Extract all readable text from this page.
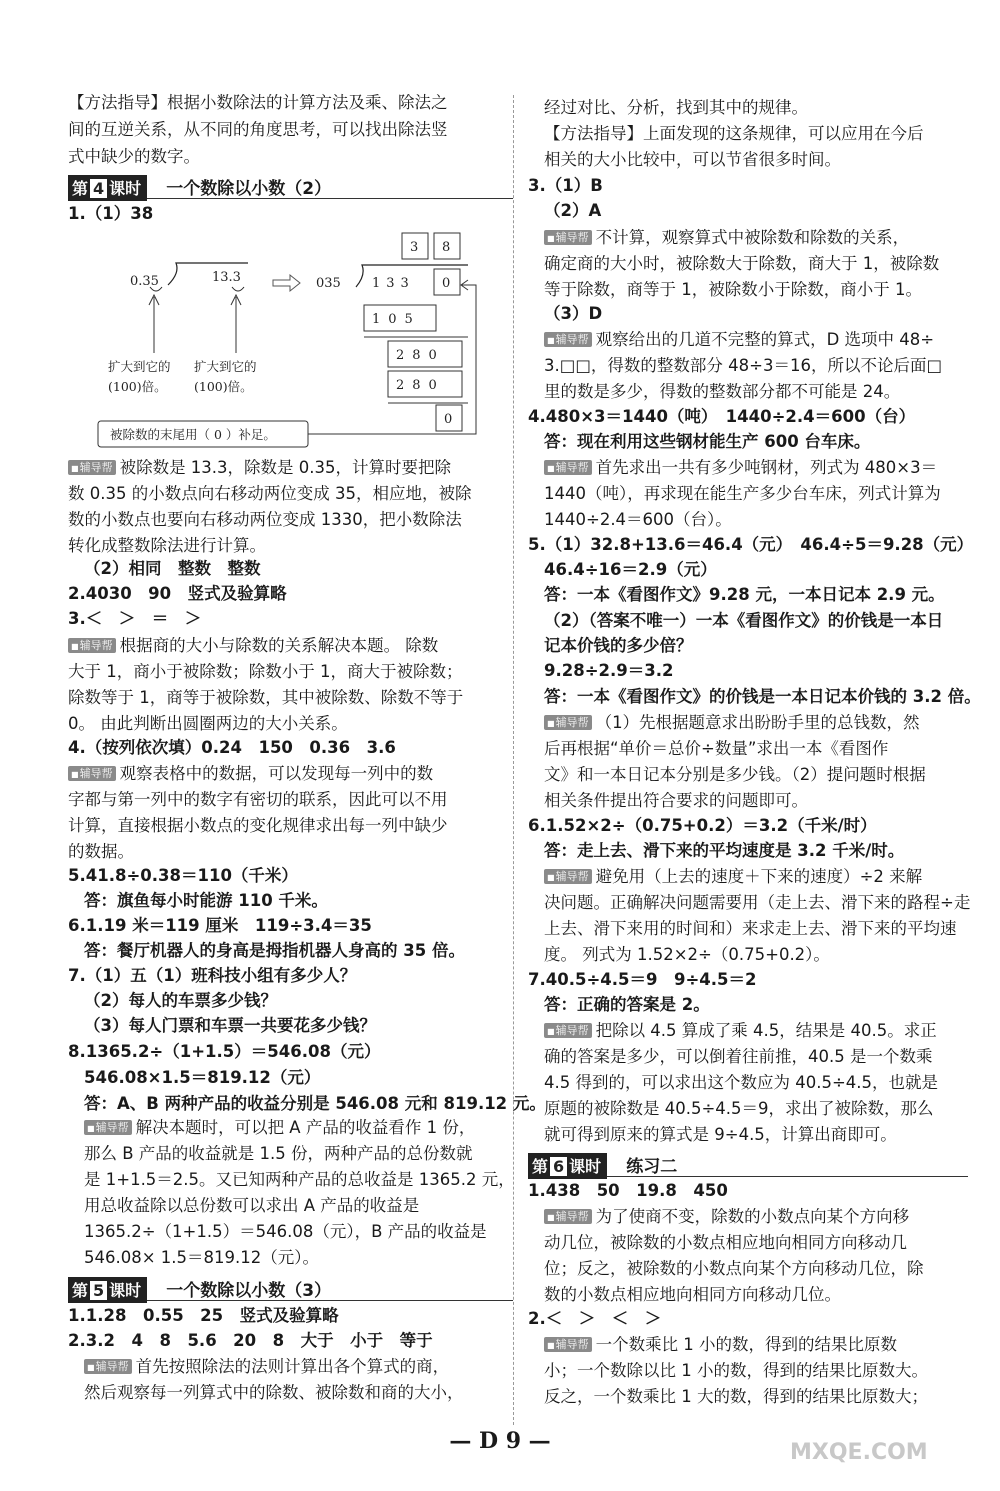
【方法指导】根据小数除法的计算方法及乘、除法之
间的互逆关系，从不同的角度思考，可以找出除法竖
式中缺少的数字。
第 4 课时 一个数除以小数（2）
1.（1）38
0.35	13.3	035 133 0
3 8
105
280
280
0
扩大到它的
(100)倍。
扩大到它的
(100)倍。
被除数的末尾用（ 0 ）补足。
■ 辅导帮 被除数是 13.3，除数是 0.35，计算时要把除
数 0.35 的小数点向右移动两位变成 35，相应地，被除
数的小数点也要向右移动两位变成 1330，把小数除法
转化成整数除法进行计算。
（2）相同　整数　整数
2.4030　90　竖式及验算略
3.＜　＞　＝　＞
■ 辅导帮 根据商的大小与除数的关系解决本题。 除数
大于 1，商小于被除数；除数小于 1，商大于被除数；
除数等于 1，商等于被除数，其中被除数、除数不等于
0。 由此判断出圆圈两边的大小关系。
4.（按列依次填）0.24　150　0.36　3.6
■ 辅导帮 观察表格中的数据，可以发现每一列中的数
字都与第一列中的数字有密切的联系，因此可以不用
计算，直接根据小数点的变化规律求出每一列中缺少
的数据。
5.41.8÷0.38＝110（千米）
答：旗鱼每小时能游 110 千米。
6.1.19 米＝119 厘米　119÷3.4＝35
答：餐厅机器人的身高是拇指机器人身高的 35 倍。
7.（1）五（1）班科技小组有多少人？
（2）每人的车票多少钱？
（3）每人门票和车票一共要花多少钱？
8.1365.2÷（1+1.5）＝546.08（元）
546.08×1.5＝819.12（元）
答：A、B 两种产品的收益分别是 546.08 元和 819.12 元。
■ 辅导帮 解决本题时，可以把 A 产品的收益看作 1 份，
那么 B 产品的收益就是 1.5 份，两种产品的总份数就
是 1+1.5＝2.5。又已知两种产品的总收益是 1365.2 元，
用总收益除以总份数可以求出 A 产品的收益是
1365.2÷（1+1.5）＝546.08（元），B 产品的收益是
546.08× 1.5＝819.12（元）。
第 5 课时 一个数除以小数（3）
1.1.28　0.55　25　竖式及验算略
2.3.2　4　8　5.6　20　8　大于　小于　等于
■ 辅导帮 首先按照除法的法则计算出各个算式的商，
然后观察每一列算式中的除数、被除数和商的大小，
经过对比、分析，找到其中的规律。
【方法指导】上面发现的这条规律，可以应用在今后
相关的大小比较中，可以节省很多时间。
3.（1）B
（2）A
■ 辅导帮 不计算，观察算式中被除数和除数的关系，
确定商的大小时，被除数大于除数，商大于 1，被除数
等于除数，商等于 1，被除数小于除数，商小于 1。
（3）D
■ 辅导帮 观察给出的几道不完整的算式，D 选项中 48÷
3.□□，得数的整数部分 48÷3＝16，所以不论后面□
里的数是多少，得数的整数部分都不可能是 24。
4.480×3＝1440（吨）　1440÷2.4＝600（台）
答：现在利用这些钢材能生产 600 台车床。
■ 辅导帮 首先求出一共有多少吨钢材，列式为 480×3＝
1440（吨），再求现在能生产多少台车床，列式计算为
1440÷2.4＝600（台）。
5.（1）32.8+13.6＝46.4（元）　46.4÷5＝9.28（元）
46.4÷16＝2.9（元）
答：一本《看图作文》9.28 元，一本日记本 2.9 元。
（2）（答案不唯一）一本《看图作文》的价钱是一本日
记本价钱的多少倍？
9.28÷2.9＝3.2
答：一本《看图作文》的价钱是一本日记本价钱的 3.2 倍。
■ 辅导帮 （1）先根据题意求出盼盼手里的总钱数，然
后再根据“单价＝总价÷数量”求出一本《看图作
文》和一本日记本分别是多少钱。（2）提问题时根据
相关条件提出符合要求的问题即可。
6.1.52×2÷（0.75+0.2）＝3.2（千米/时）
答：走上去、滑下来的平均速度是 3.2 千米/时。
■ 辅导帮 避免用（上去的速度＋下来的速度）÷2 来解
决问题。正确解决问题需要用（走上去、滑下来的路程÷走
上去、滑下来用的时间和）来求走上去、滑下来的平均速
度。 列式为 1.52×2÷（0.75+0.2）。
7.40.5÷4.5＝9　9÷4.5＝2
答：正确的答案是 2。
■ 辅导帮 把除以 4.5 算成了乘 4.5，结果是 40.5。求正
确的答案是多少，可以倒着往前推，40.5 是一个数乘
4.5 得到的，可以求出这个数应为 40.5÷4.5，也就是
原题的被除数是 40.5÷4.5＝9，求出了被除数，那么
就可得到原来的算式是 9÷4.5，计算出商即可。
第 6 课时 练习二
1.438　50　19.8　450
■ 辅导帮 为了使商不变，除数的小数点向某个方向移
动几位，被除数的小数点相应地向相同方向移动几
位；反之，被除数的小数点向某个方向移动几位，除
数的小数点相应地向相同方向移动几位。
2.＜　＞　＜　＞
■ 辅导帮 一个数乘比 1 小的数，得到的结果比原数
小；一个数除以比 1 小的数，得到的结果比原数大。
反之，一个数乘比 1 大的数，得到的结果比原数大；
— D 9 —	MXQE.COM
